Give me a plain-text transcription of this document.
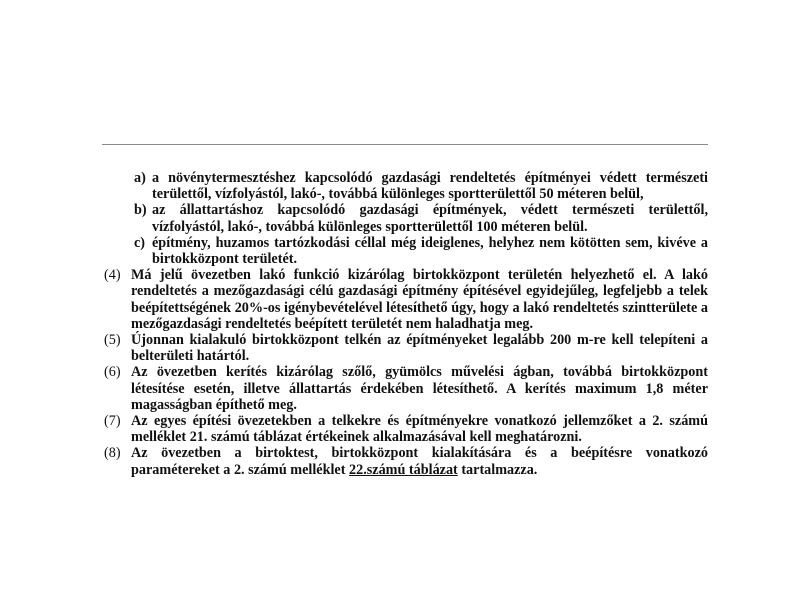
a) a növénytermesztéshez kapcsolódó gazdasági rendeltetés építményei védett természeti területtől, vízfolyástól, lakó-, továbbá különleges sportterülettől 50 méteren belül,
b) az állattartáshoz kapcsolódó gazdasági építmények, védett természeti területtől, vízfolyástól, lakó-, továbbá különleges sportterülettől 100 méteren belül.
c) építmény, huzamos tartózkodási céllal még ideiglenes, helyhez nem kötötten sem, kivéve a birtokközpont területét.
(4) Má jelű övezetben lakó funkció kizárólag birtokközpont területén helyezhető el. A lakó rendeltetés a mezőgazdasági célú gazdasági építmény építésével egyidejűleg, legfeljebb a telek beépítettségének 20%-os igénybevételével létesíthető úgy, hogy a lakó rendeltetés szintterülete a mezőgazdasági rendeltetés beépített területét nem haladhatja meg.
(5) Újonnan kialakuló birtokközpont telkén az építményeket legalább 200 m-re kell telepíteni a belterületi határtól.
(6) Az övezetben kerítés kizárólag szőlő, gyümölcs művelési ágban, továbbá birtokközpont létesítése esetén, illetve állattartás érdekében létesíthető. A kerítés maximum 1,8 méter magasságban építhető meg.
(7) Az egyes építési övezetekben a telkekre és építményekre vonatkozó jellemzőket a 2. számú melléklet 21. számú táblázat értékeinek alkalmazásával kell meghatározni.
(8) Az övezetben a birtoktest, birtokközpont kialakítására és a beépítésre vonatkozó paramétereket a 2. számú melléklet 22.számú táblázat tartalmazza.
